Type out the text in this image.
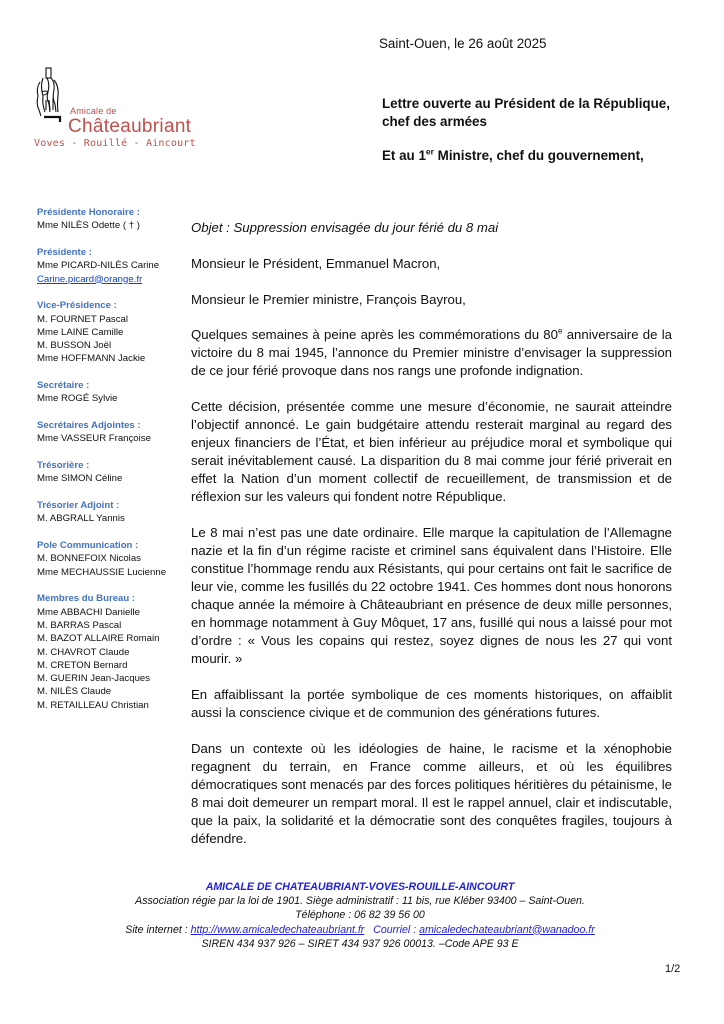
Amicale de
Châteaubriant
Voves - Rouillé - Aincourt
Saint-Ouen, le 26 août 2025
Lettre ouverte au Président de la République,
chef des armées
Et au 1er Ministre, chef du gouvernement,
Présidente Honoraire :
Mme NILÈS Odette ( † )
Présidente :
Mme PICARD-NILÈS Carine
Carine.picard@orange.fr
Vice-Présidence :
M. FOURNET Pascal
Mme LAINE Camille
M. BUSSON Joël
Mme HOFFMANN Jackie
Secrétaire :
Mme ROGÉ Sylvie
Secrétaires Adjointes :
Mme VASSEUR Françoise
Trésorière :
Mme SIMON Céline
Trésorier Adjoint :
M. ABGRALL Yannis
Pole Communication :
M. BONNEFOIX Nicolas
Mme MECHAUSSIE Lucienne
Membres du Bureau :
Mme ABBACHI Danielle
M. BARRAS Pascal
M. BAZOT ALLAIRE Romain
M. CHAVROT Claude
M. CRETON Bernard
M. GUERIN Jean-Jacques
M. NILÈS Claude
M. RETAILLEAU Christian

Objet : Suppression envisagée du jour férié du 8 mai

Monsieur le Président, Emmanuel Macron,

Monsieur le Premier ministre, François Bayrou,

Quelques semaines à peine après les commémorations du 80e anniversaire de la victoire du 8 mai 1945, l’annonce du Premier ministre d’envisager la suppression de ce jour férié provoque dans nos rangs une profonde indignation.

Cette décision, présentée comme une mesure d’économie, ne saurait atteindre l’objectif annoncé. Le gain budgétaire attendu resterait marginal au regard des enjeux financiers de l’État, et bien inférieur au préjudice moral et symbolique qui serait inévitablement causé. La disparition du 8 mai comme jour férié priverait en effet la Nation d’un moment collectif de recueillement, de transmission et de réflexion sur les valeurs qui fondent notre République.

Le 8 mai n’est pas une date ordinaire. Elle marque la capitulation de l’Allemagne nazie et la fin d’un régime raciste et criminel sans équivalent dans l’Histoire. Elle constitue l’hommage rendu aux Résistants, qui pour certains ont fait le sacrifice de leur vie, comme les fusillés du 22 octobre 1941. Ces hommes dont nous honorons chaque année la mémoire à Châteaubriant en présence de deux mille personnes, en hommage notamment à Guy Môquet, 17 ans, fusillé qui nous a laissé pour mot d’ordre : « Vous les copains qui restez, soyez dignes de nous les 27 qui vont mourir. »

En affaiblissant la portée symbolique de ces moments historiques, on affaiblit aussi la conscience civique et de communion des générations futures.

Dans un contexte où les idéologies de haine, le racisme et la xénophobie regagnent du terrain, en France comme ailleurs, et où les équilibres démocratiques sont menacés par des forces politiques héritières du pétainisme, le 8 mai doit demeurer un rempart moral. Il est le rappel annuel, clair et indiscutable, que la paix, la solidarité et la démocratie sont des conquêtes fragiles, toujours à défendre.

AMICALE DE CHATEAUBRIANT-VOVES-ROUILLE-AINCOURT
Association régie par la loi de 1901. Siège administratif : 11 bis, rue Kléber 93400 – Saint-Ouen.
Téléphone : 06 82 39 56 00
Site internet : http://www.amicaledechateaubriant.fr   Courriel : amicaledechateaubriant@wanadoo.fr
SIREN 434 937 926 – SIRET 434 937 926 00013. –Code APE 93 E
1/2
